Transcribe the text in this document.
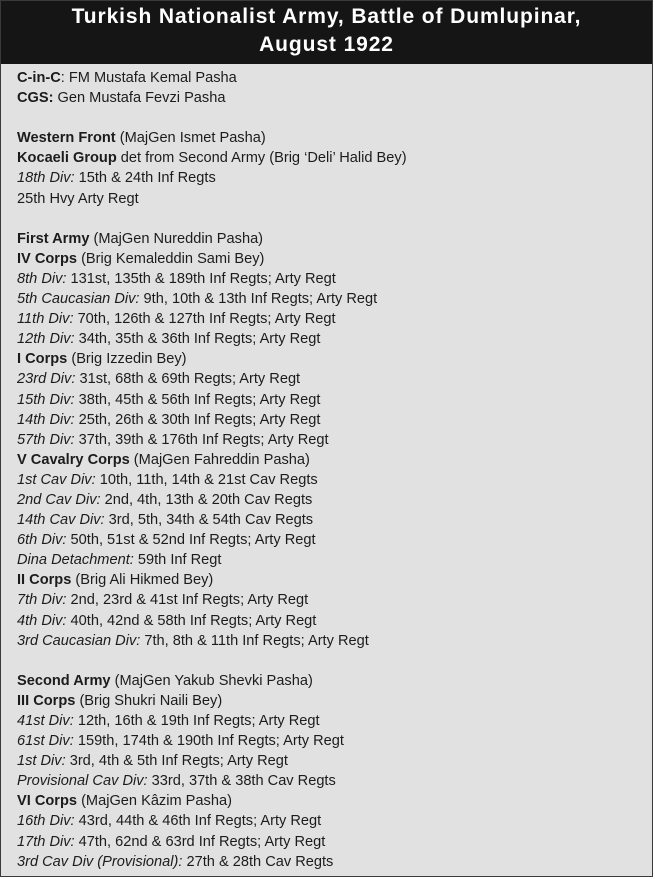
Turkish Nationalist Army, Battle of Dumlupinar,
August 1922
C-in-C: FM Mustafa Kemal Pasha
CGS: Gen Mustafa Fevzi Pasha
Western Front (MajGen Ismet Pasha)
Kocaeli Group det from Second Army (Brig ‘Deli’ Halid Bey)
18th Div: 15th & 24th Inf Regts
25th Hvy Arty Regt
First Army (MajGen Nureddin Pasha)
IV Corps (Brig Kemaleddin Sami Bey)
8th Div: 131st, 135th & 189th Inf Regts; Arty Regt
5th Caucasian Div: 9th, 10th & 13th Inf Regts; Arty Regt
11th Div: 70th, 126th & 127th Inf Regts; Arty Regt
12th Div: 34th, 35th & 36th Inf Regts; Arty Regt
I Corps (Brig Izzedin Bey)
23rd Div: 31st, 68th & 69th Regts; Arty Regt
15th Div: 38th, 45th & 56th Inf Regts; Arty Regt
14th Div: 25th, 26th & 30th Inf Regts; Arty Regt
57th Div: 37th, 39th & 176th Inf Regts; Arty Regt
V Cavalry Corps (MajGen Fahreddin Pasha)
1st Cav Div: 10th, 11th, 14th & 21st Cav Regts
2nd Cav Div: 2nd, 4th, 13th & 20th Cav Regts
14th Cav Div: 3rd, 5th, 34th & 54th Cav Regts
6th Div: 50th, 51st & 52nd Inf Regts; Arty Regt
Dina Detachment: 59th Inf Regt
II Corps (Brig Ali Hikmed Bey)
7th Div: 2nd, 23rd & 41st Inf Regts; Arty Regt
4th Div: 40th, 42nd & 58th Inf Regts; Arty Regt
3rd Caucasian Div: 7th, 8th & 11th Inf Regts; Arty Regt
Second Army (MajGen Yakub Shevki Pasha)
III Corps (Brig Shukri Naili Bey)
41st Div: 12th, 16th & 19th Inf Regts; Arty Regt
61st Div: 159th, 174th & 190th Inf Regts; Arty Regt
1st Div: 3rd, 4th & 5th Inf Regts; Arty Regt
Provisional Cav Div: 33rd, 37th & 38th Cav Regts
VI Corps (MajGen Kâzim Pasha)
16th Div: 43rd, 44th & 46th Inf Regts; Arty Regt
17th Div: 47th, 62nd & 63rd Inf Regts; Arty Regt
3rd Cav Div (Provisional): 27th & 28th Cav Regts
